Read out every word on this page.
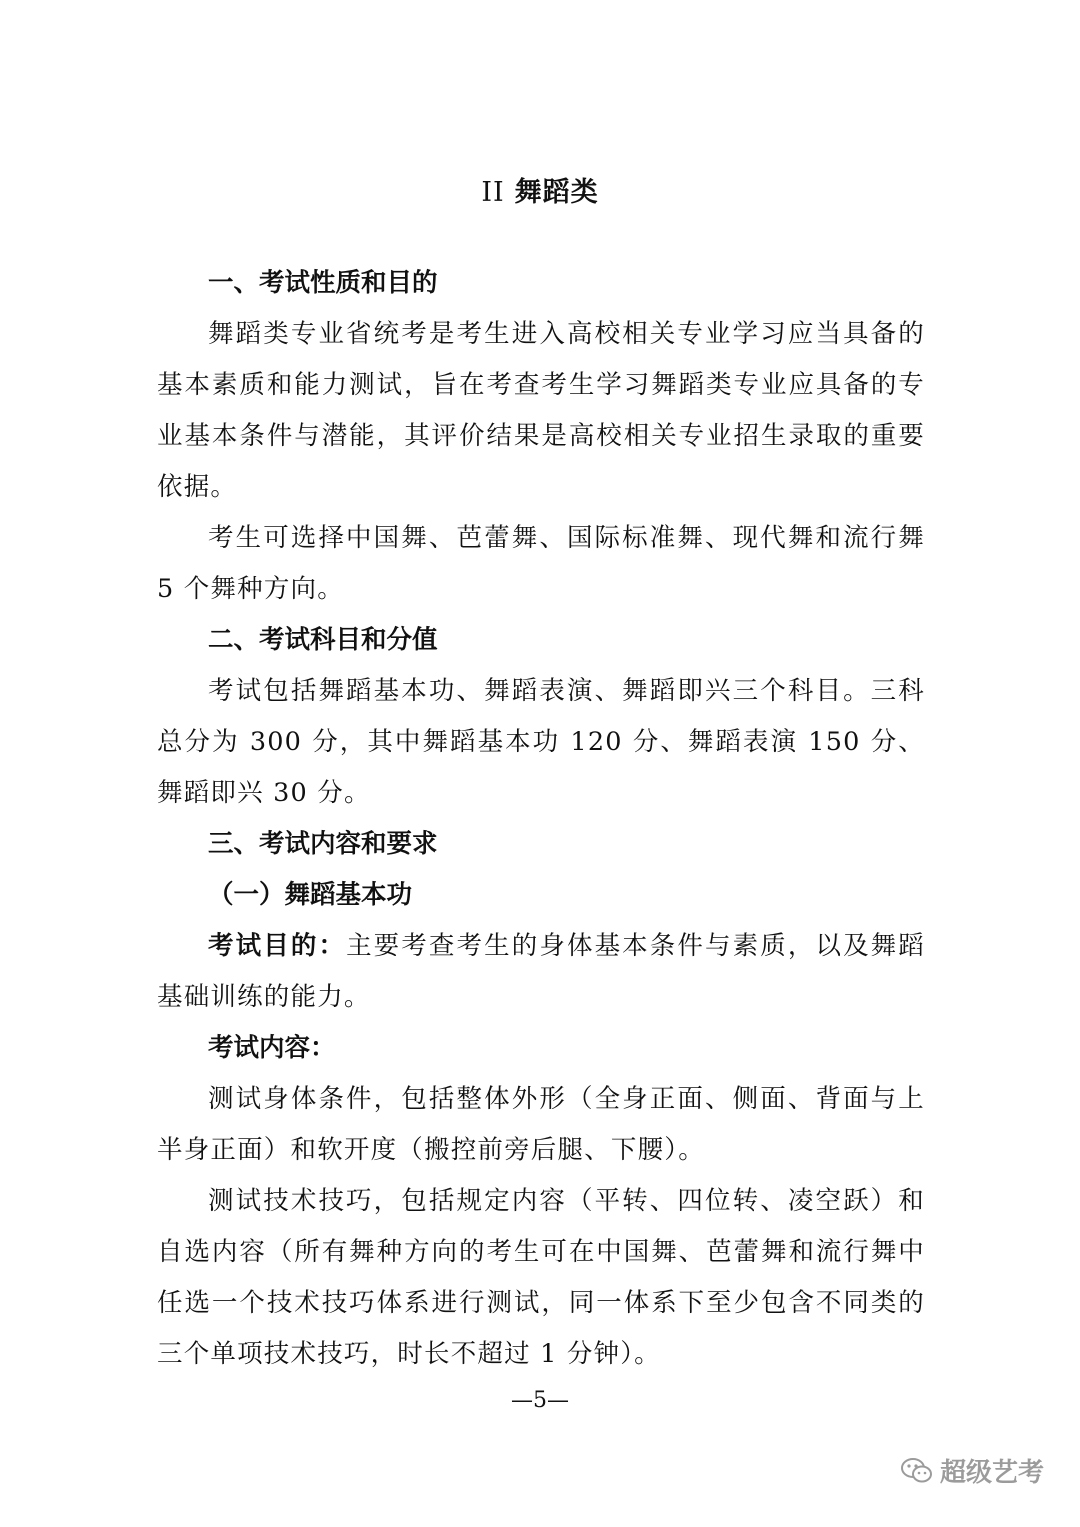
II 舞蹈类

一、考试性质和目的

舞蹈类专业省统考是考生进入高校相关专业学习应当具备的基本素质和能力测试，旨在考查考生学习舞蹈类专业应具备的专业基本条件与潜能，其评价结果是高校相关专业招生录取的重要依据。

考生可选择中国舞、芭蕾舞、国际标准舞、现代舞和流行舞 5 个舞种方向。

二、考试科目和分值

考试包括舞蹈基本功、舞蹈表演、舞蹈即兴三个科目。三科总分为 300 分，其中舞蹈基本功 120 分、舞蹈表演 150 分、舞蹈即兴 30 分。

三、考试内容和要求

（一）舞蹈基本功

考试目的：主要考查考生的身体基本条件与素质，以及舞蹈基础训练的能力。

考试内容：

测试身体条件，包括整体外形（全身正面、侧面、背面与上半身正面）和软开度（搬控前旁后腿、下腰）。

测试技术技巧，包括规定内容（平转、四位转、凌空跃）和自选内容（所有舞种方向的考生可在中国舞、芭蕾舞和流行舞中任选一个技术技巧体系进行测试，同一体系下至少包含不同类的三个单项技术技巧，时长不超过 1 分钟）。

—5—
超级艺考
